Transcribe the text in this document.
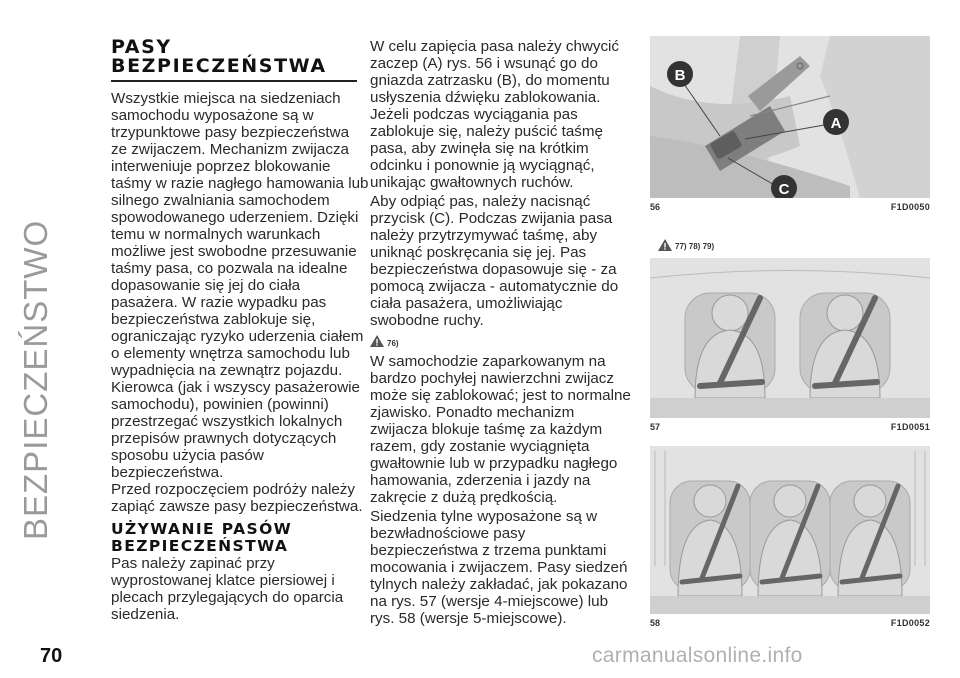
BEZPIECZEŃSTWO

PASY BEZPIECZEŃSTWA

Wszystkie miejsca na siedzeniach samochodu wyposażone są w trzypunktowe pasy bezpieczeństwa ze zwijaczem. Mechanizm zwijacza interweniuje poprzez blokowanie taśmy w razie nagłego hamowania lub silnego zwalniania samochodem spowodowanego uderzeniem. Dzięki temu w normalnych warunkach możliwe jest swobodne przesuwanie taśmy pasa, co pozwala na idealne dopasowanie się jej do ciała pasażera. W razie wypadku pas bezpieczeństwa zablokuje się, ograniczając ryzyko uderzenia ciałem o elementy wnętrza samochodu lub wypadnięcia na zewnątrz pojazdu.

Kierowca (jak i wszyscy pasażerowie samochodu), powinien (powinni) przestrzegać wszystkich lokalnych przepisów prawnych dotyczących sposobu użycia pasów bezpieczeństwa.

Przed rozpoczęciem podróży należy zapiąć zawsze pasy bezpieczeństwa.

UŻYWANIE PASÓW BEZPIECZEŃSTWA

Pas należy zapinać przy wyprostowanej klatce piersiowej i plecach przylegających do oparcia siedzenia.

W celu zapięcia pasa należy chwycić zaczep (A) rys. 56 i wsunąć go do gniazda zatrzasku (B), do momentu usłyszenia dźwięku zablokowania. Jeżeli podczas wyciągania pas zablokuje się, należy puścić taśmę pasa, aby zwinęła się na krótkim odcinku i ponownie ją wyciągnąć, unikając gwałtownych ruchów.

Aby odpiąć pas, należy nacisnąć przycisk (C). Podczas zwijania pasa należy przytrzymywać taśmę, aby uniknąć poskręcania się jej. Pas bezpieczeństwa dopasowuje się - za pomocą zwijacza - automatycznie do ciała pasażera, umożliwiając swobodne ruchy.

76)

W samochodzie zaparkowanym na bardzo pochyłej nawierzchni zwijacz może się zablokować; jest to normalne zjawisko. Ponadto mechanizm zwijacza blokuje taśmę za każdym razem, gdy zostanie wyciągnięta gwałtownie lub w przypadku nagłego hamowania, zderzenia i jazdy na zakręcie z dużą prędkością.

Siedzenia tylne wyposażone są w bezwładnościowe pasy bezpieczeństwa z trzema punktami mocowania i zwijaczem. Pasy siedzeń tylnych należy zakładać, jak pokazano na rys. 57 (wersje 4-miejscowe) lub rys. 58 (wersje 5-miejscowe).

B
A
C
56	F1D0050
77) 78) 79)
57	F1D0051
58	F1D0052
70	carmanualsonline.info
